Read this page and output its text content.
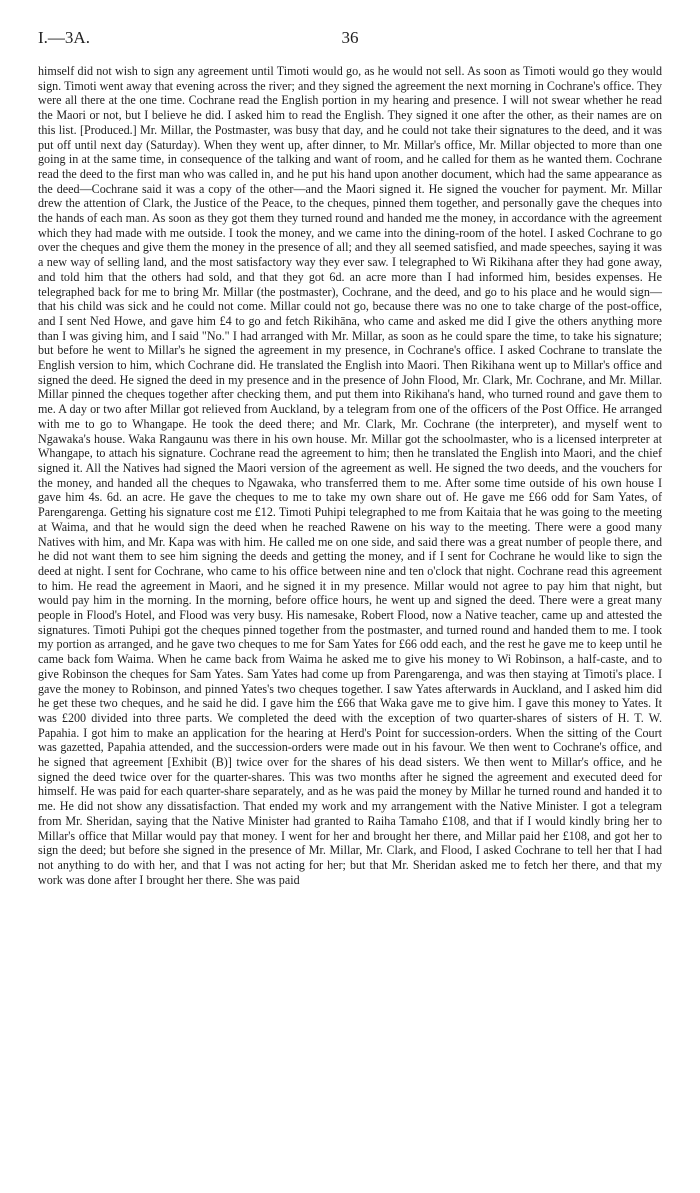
I.—3A.	36

himself did not wish to sign any agreement until Timoti would go, as he would not sell. As soon as Timoti would go they would sign. Timoti went away that evening across the river; and they signed the agreement the next morning in Cochrane's office. They were all there at the one time. Cochrane read the English portion in my hearing and presence. I will not swear whether he read the Maori or not, but I believe he did. I asked him to read the English. They signed it one after the other, as their names are on this list. [Produced.] Mr. Millar, the Postmaster, was busy that day, and he could not take their signatures to the deed, and it was put off until next day (Saturday). When they went up, after dinner, to Mr. Millar's office, Mr. Millar objected to more than one going in at the same time, in consequence of the talking and want of room, and he called for them as he wanted them. Cochrane read the deed to the first man who was called in, and he put his hand upon another document, which had the same appearance as the deed—Cochrane said it was a copy of the other—and the Maori signed it. He signed the voucher for payment. Mr. Millar drew the attention of Clark, the Justice of the Peace, to the cheques, pinned them together, and personally gave the cheques into the hands of each man. As soon as they got them they turned round and handed me the money, in accordance with the agreement which they had made with me outside. I took the money, and we came into the dining-room of the hotel. I asked Cochrane to go over the cheques and give them the money in the presence of all; and they all seemed satisfied, and made speeches, saying it was a new way of selling land, and the most satisfactory way they ever saw. I telegraphed to Wi Rikihana after they had gone away, and told him that the others had sold, and that they got 6d. an acre more than I had informed him, besides expenses. He telegraphed back for me to bring Mr. Millar (the postmaster), Cochrane, and the deed, and go to his place and he would sign—that his child was sick and he could not come. Millar could not go, because there was no one to take charge of the post-office, and I sent Ned Howe, and gave him £4 to go and fetch Rikihāna, who came and asked me did I give the others anything more than I was giving him, and I said "No." I had arranged with Mr. Millar, as soon as he could spare the time, to take his signature; but before he went to Millar's he signed the agreement in my presence, in Cochrane's office. I asked Cochrane to translate the English version to him, which Cochrane did. He translated the English into Maori. Then Rikihana went up to Millar's office and signed the deed. He signed the deed in my presence and in the presence of John Flood, Mr. Clark, Mr. Cochrane, and Mr. Millar. Millar pinned the cheques together after checking them, and put them into Rikihana's hand, who turned round and gave them to me. A day or two after Millar got relieved from Auckland, by a telegram from one of the officers of the Post Office. He arranged with me to go to Whangape. He took the deed there; and Mr. Clark, Mr. Cochrane (the interpreter), and myself went to Ngawaka's house. Waka Rangaunu was there in his own house. Mr. Millar got the schoolmaster, who is a licensed interpreter at Whangape, to attach his signature. Cochrane read the agreement to him; then he translated the English into Maori, and the chief signed it. All the Natives had signed the Maori version of the agreement as well. He signed the two deeds, and the vouchers for the money, and handed all the cheques to Ngawaka, who transferred them to me. After some time outside of his own house I gave him 4s. 6d. an acre. He gave the cheques to me to take my own share out of. He gave me £66 odd for Sam Yates, of Parengarenga. Getting his signature cost me £12. Timoti Puhipi telegraphed to me from Kaitaia that he was going to the meeting at Waima, and that he would sign the deed when he reached Rawene on his way to the meeting. There were a good many Natives with him, and Mr. Kapa was with him. He called me on one side, and said there was a great number of people there, and he did not want them to see him signing the deeds and getting the money, and if I sent for Cochrane he would like to sign the deed at night. I sent for Cochrane, who came to his office between nine and ten o'clock that night. Cochrane read this agreement to him. He read the agreement in Maori, and he signed it in my presence. Millar would not agree to pay him that night, but would pay him in the morning. In the morning, before office hours, he went up and signed the deed. There were a great many people in Flood's Hotel, and Flood was very busy. His namesake, Robert Flood, now a Native teacher, came up and attested the signatures. Timoti Puhipi got the cheques pinned together from the postmaster, and turned round and handed them to me. I took my portion as arranged, and he gave two cheques to me for Sam Yates for £66 odd each, and the rest he gave me to keep until he came back fom Waima. When he came back from Waima he asked me to give his money to Wi Robinson, a half-caste, and to give Robinson the cheques for Sam Yates. Sam Yates had come up from Parengarenga, and was then staying at Timoti's place. I gave the money to Robinson, and pinned Yates's two cheques together. I saw Yates afterwards in Auckland, and I asked him did he get these two cheques, and he said he did. I gave him the £66 that Waka gave me to give him. I gave this money to Yates. It was £200 divided into three parts. We completed the deed with the exception of two quarter-shares of sisters of H. T. W. Papahia. I got him to make an application for the hearing at Herd's Point for succession-orders. When the sitting of the Court was gazetted, Papahia attended, and the succession-orders were made out in his favour. We then went to Cochrane's office, and he signed that agreement [Exhibit (B)] twice over for the shares of his dead sisters. We then went to Millar's office, and he signed the deed twice over for the quarter-shares. This was two months after he signed the agreement and executed deed for himself. He was paid for each quarter-share separately, and as he was paid the money by Millar he turned round and handed it to me. He did not show any dissatisfaction. That ended my work and my arrangement with the Native Minister. I got a telegram from Mr. Sheridan, saying that the Native Minister had granted to Raiha Tamaho £108, and that if I would kindly bring her to Millar's office that Millar would pay that money. I went for her and brought her there, and Millar paid her £108, and got her to sign the deed; but before she signed in the presence of Mr. Millar, Mr. Clark, and Flood, I asked Cochrane to tell her that I had not anything to do with her, and that I was not acting for her; but that Mr. Sheridan asked me to fetch her there, and that my work was done after I brought her there. She was paid
